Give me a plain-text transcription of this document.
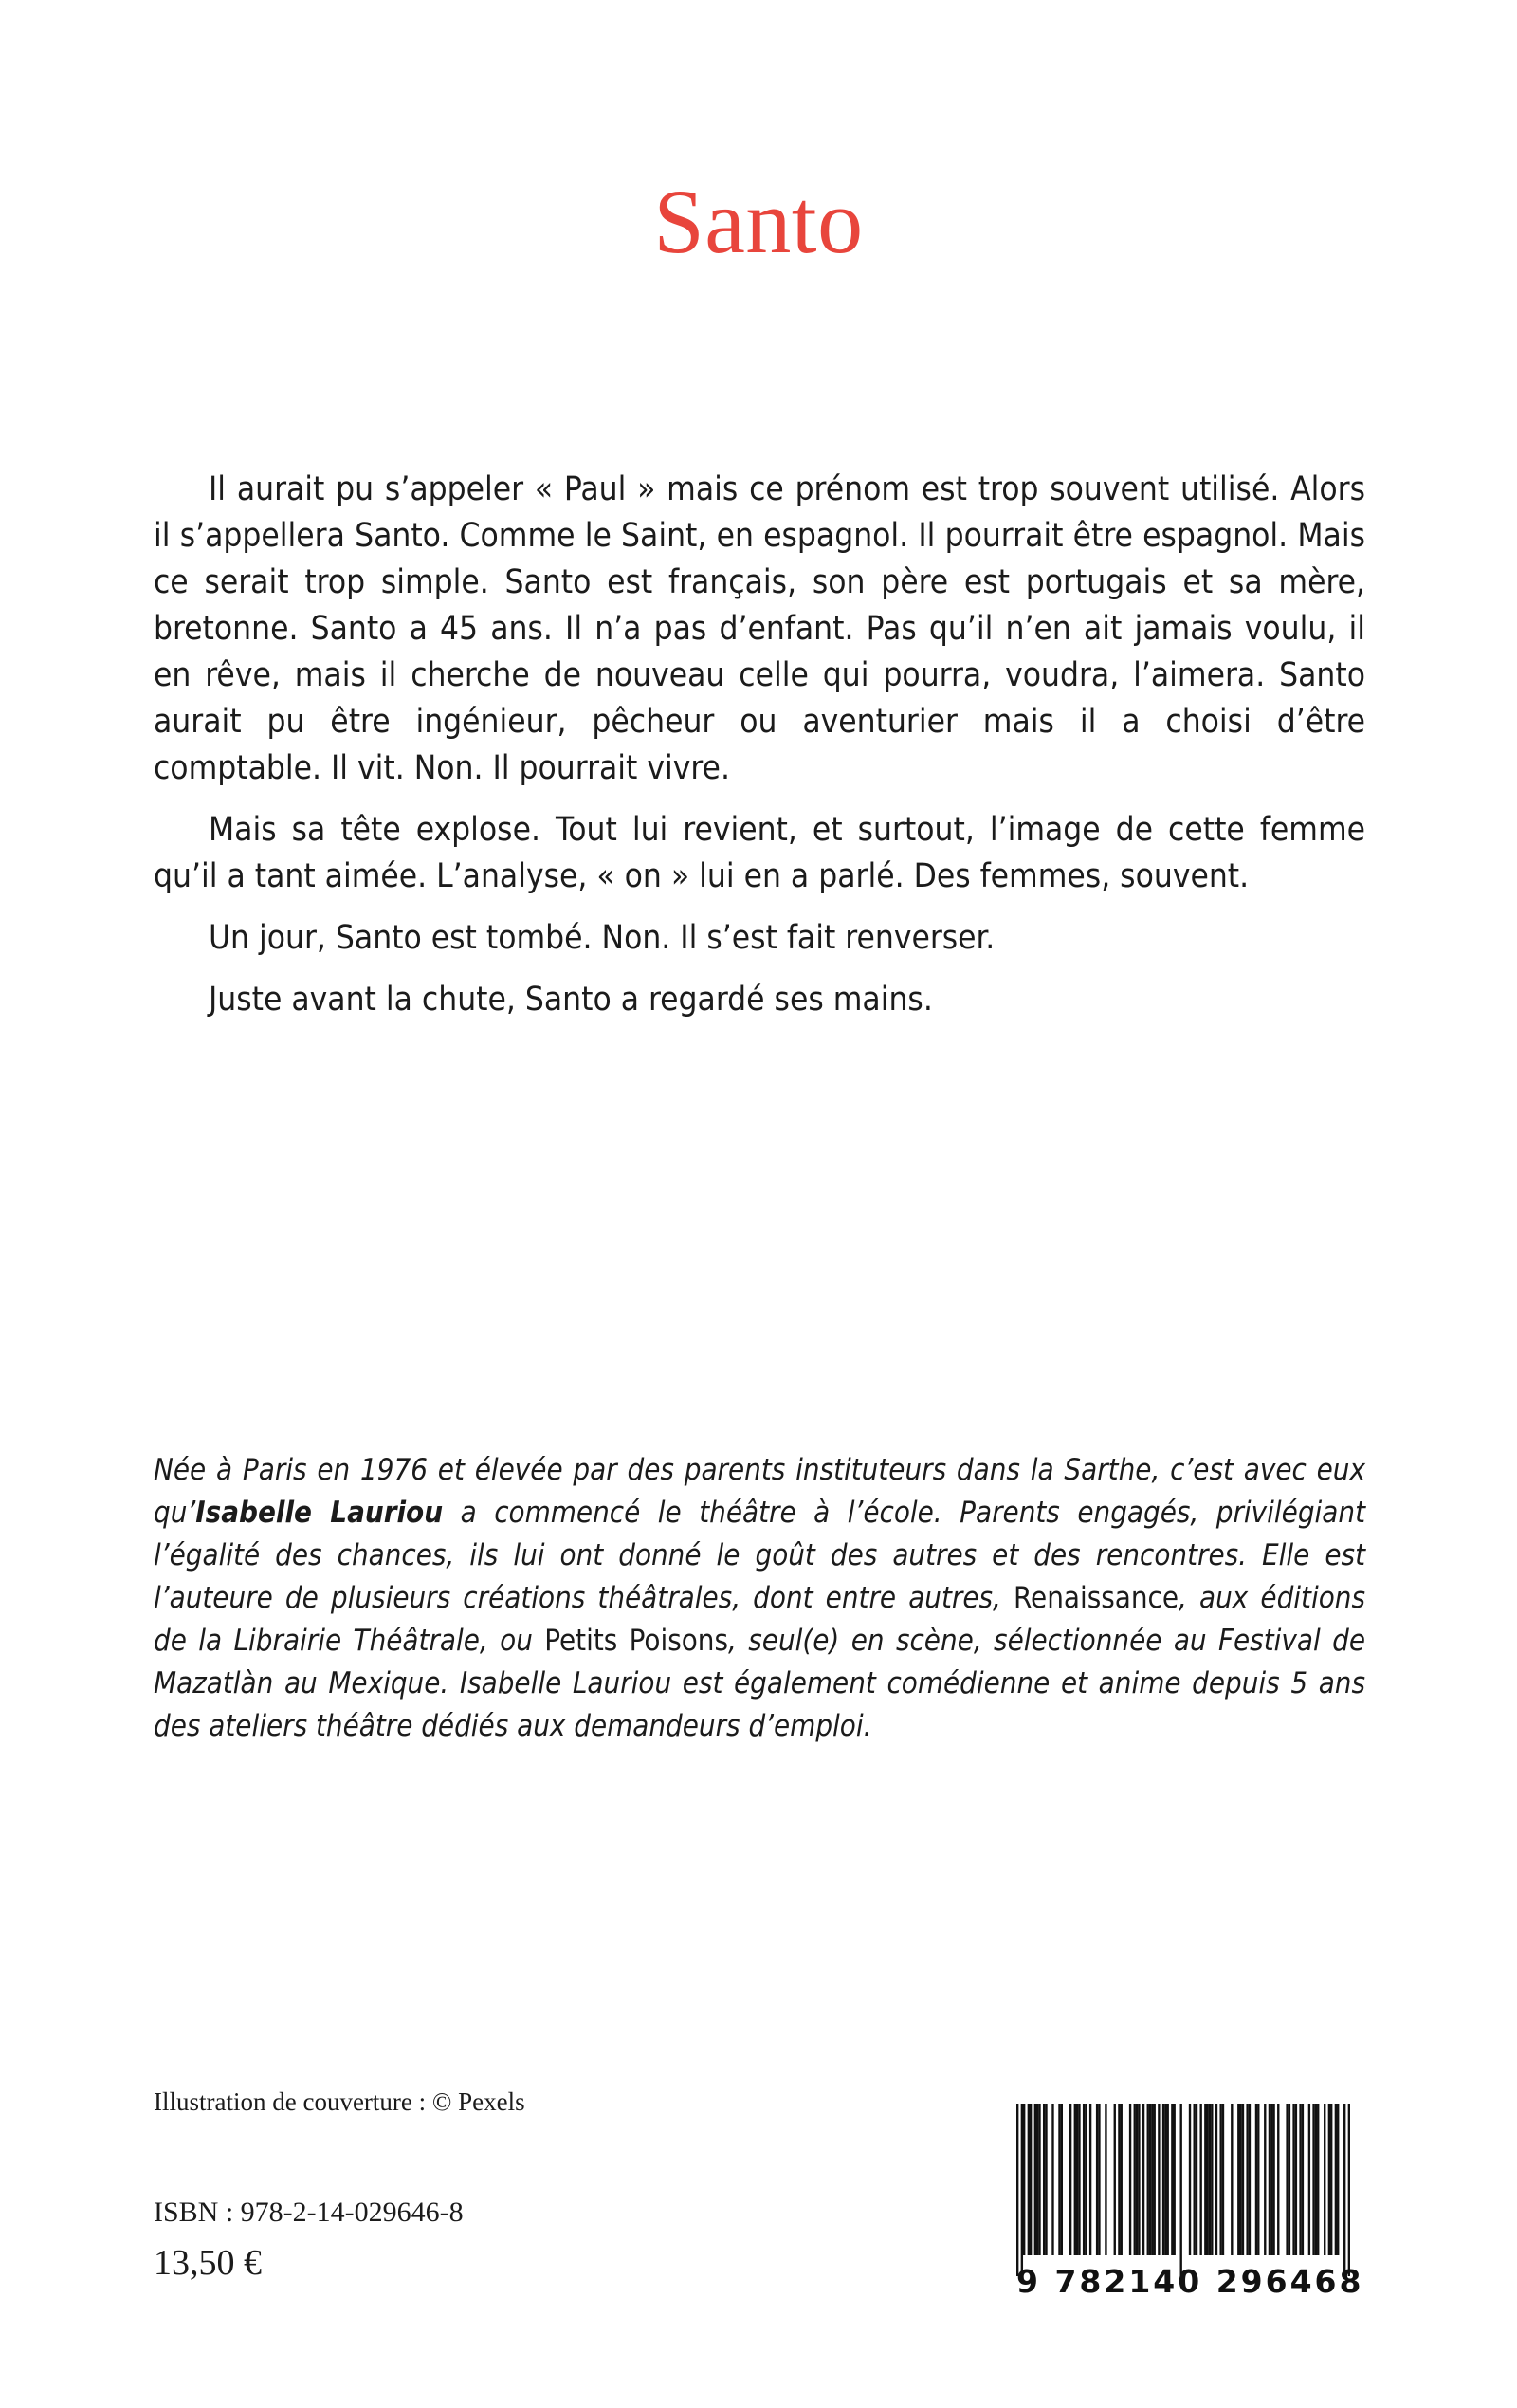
Santo

Il aurait pu s’appeler « Paul » mais ce prénom est trop souvent utilisé. Alors il s’appellera Santo. Comme le Saint, en espagnol. Il pourrait être espagnol. Mais ce serait trop simple. Santo est français, son père est portugais et sa mère, bretonne. Santo a 45 ans. Il n’a pas d’enfant. Pas qu’il n’en ait jamais voulu, il en rêve, mais il cherche de nouveau celle qui pourra, voudra, l’aimera. Santo aurait pu être ingénieur, pêcheur ou aventurier mais il a choisi d’être comptable. Il vit. Non. Il pourrait vivre.

Mais sa tête explose. Tout lui revient, et surtout, l’image de cette femme qu’il a tant aimée. L’analyse, « on » lui en a parlé. Des femmes, souvent.

Un jour, Santo est tombé. Non. Il s’est fait renverser.

Juste avant la chute, Santo a regardé ses mains.

Née à Paris en 1976 et élevée par des parents instituteurs dans la Sarthe, c’est avec eux qu’Isabelle Lauriou a commencé le théâtre à l’école. Parents engagés, privilégiant l’égalité des chances, ils lui ont donné le goût des autres et des rencontres. Elle est l’auteure de plusieurs créations théâtrales, dont entre autres, Renaissance, aux éditions de la Librairie Théâtrale, ou Petits Poisons, seul(e) en scène, sélectionnée au Festival de Mazatlàn au Mexique. Isabelle Lauriou est également comédienne et anime depuis 5 ans des ateliers théâtre dédiés aux demandeurs d’emploi.

Illustration de couverture : © Pexels
ISBN : 978-2-14-029646-8
13,50 €	9 782140 296468
